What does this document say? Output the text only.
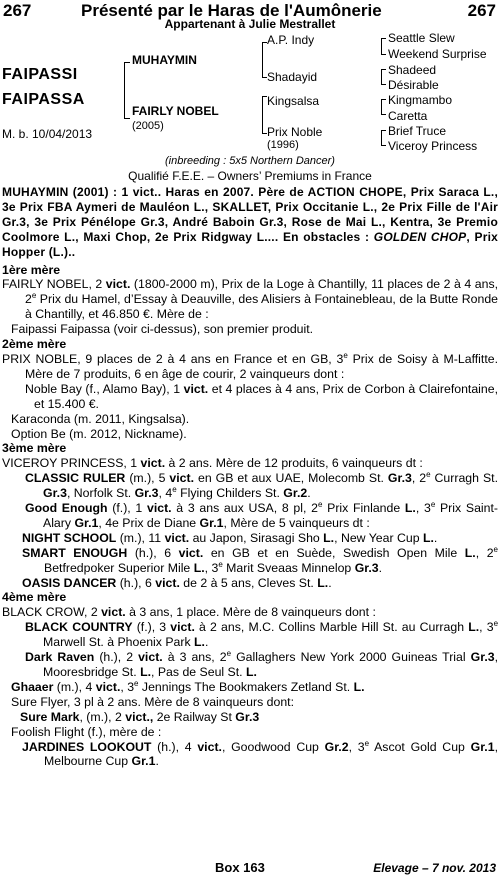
267	Présenté par le Haras de l'Aumônerie	267
Appartenant à Julie Mestrallet
FAIPASSI
FAIPASSA
M. b. 10/04/2013
MUHAYMIN
FAIRLY NOBEL
(2005)
A.P. Indy
Shadayid
Kingsalsa
Prix Noble
(1996)
Seattle Slew
Weekend Surprise
Shadeed
Désirable
Kingmambo
Caretta
Brief Truce
Viceroy Princess
(inbreeding : 5x5 Northern Dancer)
Qualifié F.E.E. – Owners’ Premiums in France

MUHAYMIN (2001) : 1 vict.. Haras en 2007. Père de ACTION CHOPE, Prix Saraca L., 3e Prix FBA Aymeri de Mauléon L., SKALLET, Prix Occitanie L., 2e Prix Fille de l'Air Gr.3, 3e Prix Pénélope Gr.3, André Baboin Gr.3, Rose de Mai L., Kentra, 3e Premio Coolmore L., Maxi Chop, 2e Prix Ridgway L.... En obstacles : GOLDEN CHOP, Prix Hopper (L.)..

1ère mère

FAIRLY NOBEL, 2 vict. (1800-2000 m), Prix de la Loge à Chantilly, 11 places de 2 à 4 ans, 2e Prix du Hamel, d’Essay à Deauville, des Alisiers à Fontainebleau, de la Butte Ronde à Chantilly, et 46.850 €. Mère de :

Faipassi Faipassa (voir ci-dessus), son premier produit.

2ème mère

PRIX NOBLE, 9 places de 2 à 4 ans en France et en GB, 3e Prix de Soisy à M-Laffitte. Mère de 7 produits, 6 en âge de courir, 2 vainqueurs dont :

Noble Bay (f., Alamo Bay), 1 vict. et 4 places à 4 ans, Prix de Corbon à Clairefontaine, et 15.400 €.

Karaconda (m. 2011, Kingsalsa).

Option Be (m. 2012, Nickname).

3ème mère

VICEROY PRINCESS, 1 vict. à 2 ans. Mère de 12 produits, 6 vainqueurs dt :

CLASSIC RULER (m.), 5 vict. en GB et aux UAE, Molecomb St. Gr.3, 2e Curragh St. Gr.3, Norfolk St. Gr.3, 4e Flying Childers St. Gr.2.

Good Enough (f.), 1 vict. à 3 ans aux USA, 8 pl, 2e Prix Finlande L., 3e Prix Saint-Alary Gr.1, 4e Prix de Diane Gr.1, Mère de 5 vainqueurs dt :

NIGHT SCHOOL (m.), 11 vict. au Japon, Sirasagi Sho L., New Year Cup L..

SMART ENOUGH (h.), 6 vict. en GB et en Suède, Swedish Open Mile L., 2e Betfredpoker Superior Mile L., 3e Marit Sveaas Minnelop Gr.3.

OASIS DANCER (h.), 6 vict. de 2 à 5 ans, Cleves St. L..

4ème mère

BLACK CROW, 2 vict. à 3 ans, 1 place. Mère de 8 vainqueurs dont :

BLACK COUNTRY (f.), 3 vict. à 2 ans, M.C. Collins Marble Hill St. au Curragh L., 3e Marwell St. à Phoenix Park L..

Dark Raven (h.), 2 vict. à 3 ans, 2e Gallaghers New York 2000 Guineas Trial Gr.3, Mooresbridge St. L., Pas de Seul St. L.

Ghaaer (m.), 4 vict., 3e Jennings The Bookmakers Zetland St. L.

Sure Flyer, 3 pl à 2 ans. Mère de 8 vainqueurs dont:

Sure Mark, (m.), 2 vict., 2e Railway St Gr.3

Foolish Flight (f.), mère de :

JARDINES LOOKOUT (h.), 4 vict., Goodwood Cup Gr.2, 3e Ascot Gold Cup Gr.1, Melbourne Cup Gr.1.

Box 163	Elevage – 7 nov. 2013
